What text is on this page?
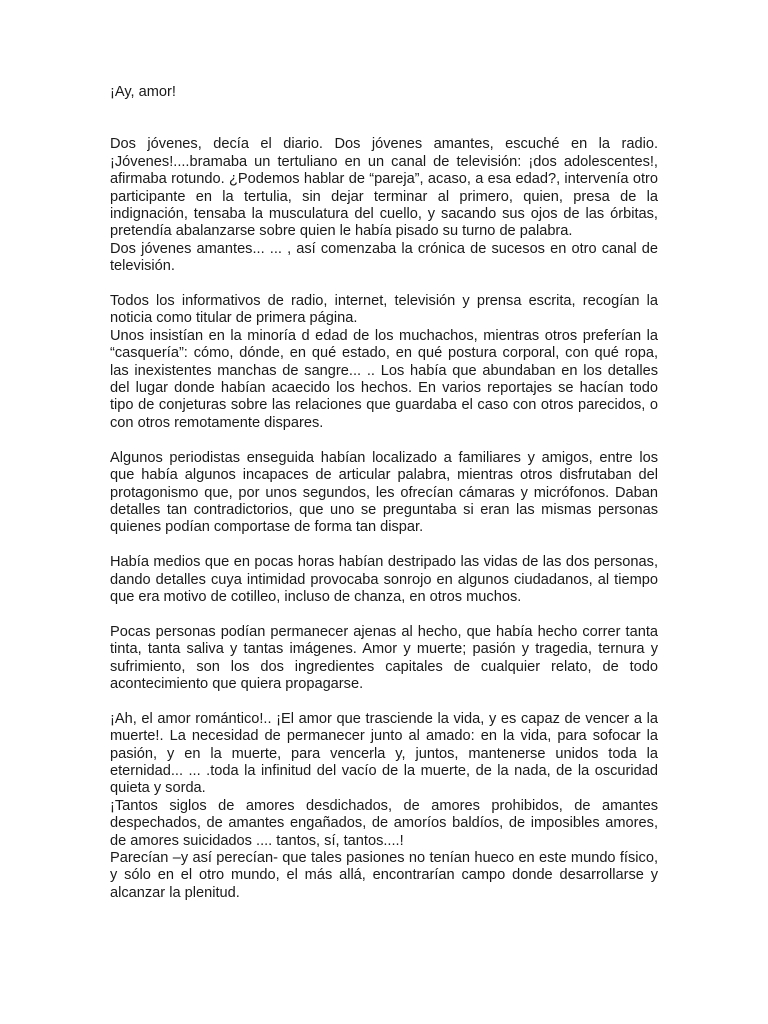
¡Ay, amor!

Dos jóvenes, decía el diario. Dos jóvenes amantes, escuché en la radio. ¡Jóvenes!....bramaba un tertuliano en un canal de televisión: ¡dos adolescentes!, afirmaba rotundo. ¿Podemos hablar de “pareja”, acaso, a esa edad?, intervenía otro participante en la tertulia, sin dejar terminar al primero, quien, presa de la indignación, tensaba la musculatura del cuello, y sacando sus ojos de las órbitas, pretendía abalanzarse sobre quien le había pisado su turno de palabra.

Dos jóvenes amantes... ... , así comenzaba la crónica de sucesos en otro canal de televisión.

Todos los informativos de radio, internet, televisión y prensa escrita, recogían la noticia como titular de primera página.

Unos insistían en la minoría d edad de los muchachos, mientras otros preferían la “casquería”: cómo, dónde, en qué estado, en qué postura corporal, con qué ropa, las inexistentes manchas de sangre... .. Los había que abundaban en los detalles del lugar donde habían acaecido los hechos. En varios reportajes se hacían todo tipo de conjeturas sobre las relaciones que guardaba el caso con otros parecidos, o con otros remotamente dispares.

Algunos periodistas enseguida habían localizado a familiares y amigos, entre los que había algunos incapaces de articular palabra, mientras otros disfrutaban del protagonismo que, por unos segundos, les ofrecían cámaras y micrófonos. Daban detalles tan contradictorios, que uno se preguntaba si eran las mismas personas quienes podían comportase de forma tan dispar.

Había medios que en pocas horas habían destripado las vidas de las dos personas, dando detalles cuya intimidad provocaba sonrojo en algunos ciudadanos, al tiempo que era motivo de cotilleo, incluso de chanza, en otros muchos.

Pocas personas podían permanecer ajenas al hecho, que había hecho correr tanta tinta, tanta saliva y tantas imágenes. Amor y muerte; pasión y tragedia, ternura y sufrimiento, son los dos ingredientes capitales de cualquier relato, de todo acontecimiento que quiera propagarse.

¡Ah, el amor romántico!.. ¡El amor que trasciende la vida, y es capaz de vencer a la muerte!. La necesidad de permanecer junto al amado: en la vida, para sofocar la pasión, y en la muerte, para vencerla y, juntos, mantenerse unidos toda la eternidad... ... .toda la infinitud del vacío de la muerte, de la nada, de la oscuridad quieta y sorda.

¡Tantos siglos de amores desdichados, de amores prohibidos, de amantes despechados, de amantes engañados, de amoríos baldíos, de imposibles amores, de amores suicidados .... tantos, sí, tantos....!

Parecían –y así perecían- que tales pasiones no tenían hueco en este mundo físico, y sólo en el otro mundo, el más allá, encontrarían campo donde desarrollarse y alcanzar la plenitud.
